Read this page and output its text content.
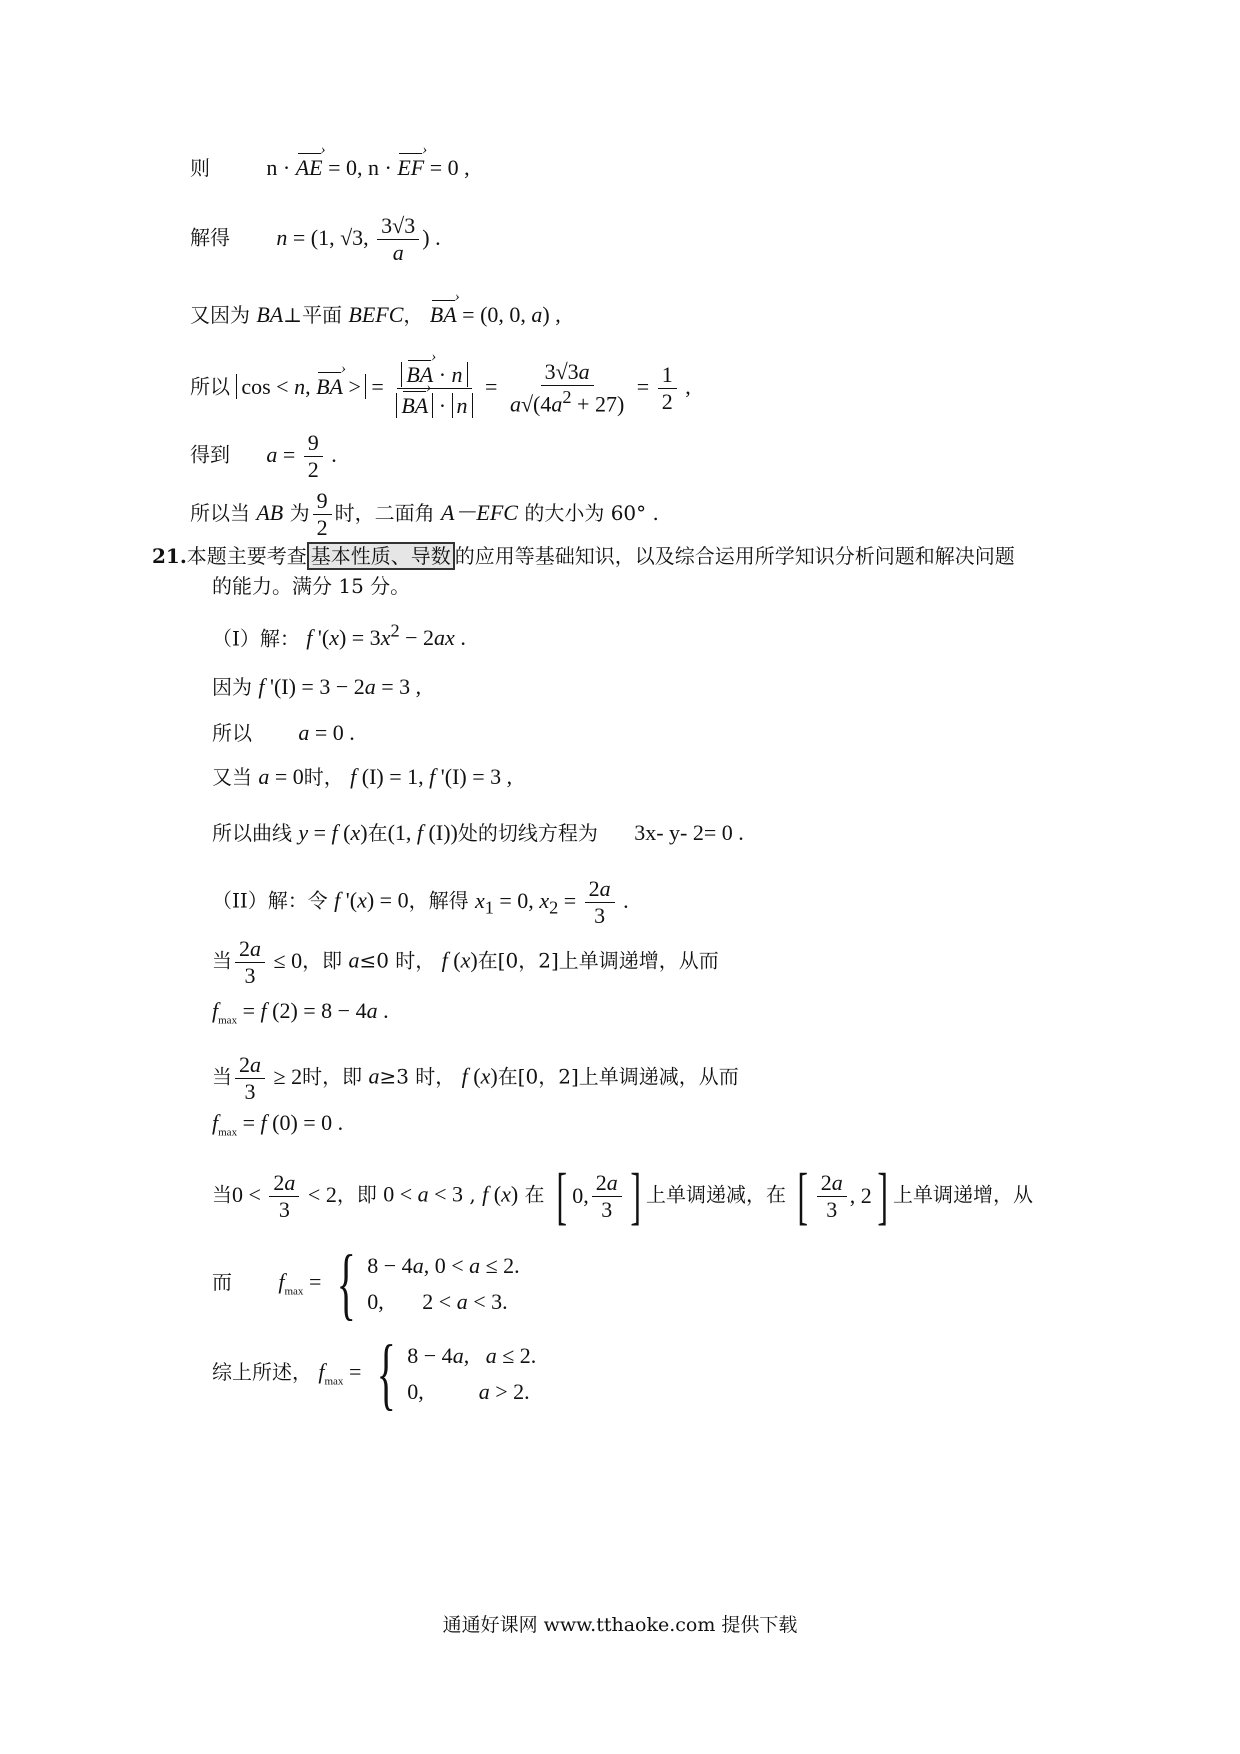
则	n · AE › = 0, n · EF › = 0 ,
解得 n = (1, √3, $\frac{3√3}{a}$ ) .
又因为 BA⊥平面 BEFC， BA › = (0, 0, a) ,
所以 cos < n, BA › > = $\frac{BA › \cdot n}{BA › \cdot n} = \frac{3√3a}{a√(4a^2 + 27)} = \frac{1}{2}$ ,
得到 $a = \frac{9}{2}$ .
所以当 AB 为 $\frac{9}{2}$ 时，二面角 A－EFC 的大小为 60° .
21.本题主要考查 基本性质、导数 的应用等基础知识，以及综合运用所学知识分析问题和解决问题
的能力。满分 15 分。
（I）解： f '$(x) = 3x^2 - 2ax$ .
因为 f '(I) = 3 − 2a = 3 ,
所以 a = 0 .
又当 a = 0时， f (I) = 1, f '(I) = 3 ,
所以曲线 y = f (x)在(1, f (I))处的切线方程为 3x- y- 2= 0 .
（II）解：令 f '(x) = 0，解得 $x_1 = 0$, $x_2 = \frac{2a}{3}$ .
当 $\frac{2a}{3} \le 0$，即 a≤0 时， f (x)在[0，2]上单调递增，从而
$f_{max} = f$ (2) = 8 − 4a .
当 $\frac{2a}{3} \ge 2$时，即 a≥3 时， f (x)在[0，2]上单调递减，从而
$f_{max} = f$ (0) = 0 .
当$0 < \frac{2a}{3} < 2$，即 0 < a < 3 , f (x) 在 [ 0, $\frac{2a}{3}$ ] 上单调递减，在 [ $\frac{2a}{3}$ , 2 ] 上单调递增，从
而 $f_{max}$ = { 8 − 4a, 0 < a ≤ 2.
0,       2 < a < 3.
综上所述， $f_{max}$ = { 8 − 4a,   a ≤ 2.
0,          a > 2.
通通好课网 www.tthaoke.com 提供下载
